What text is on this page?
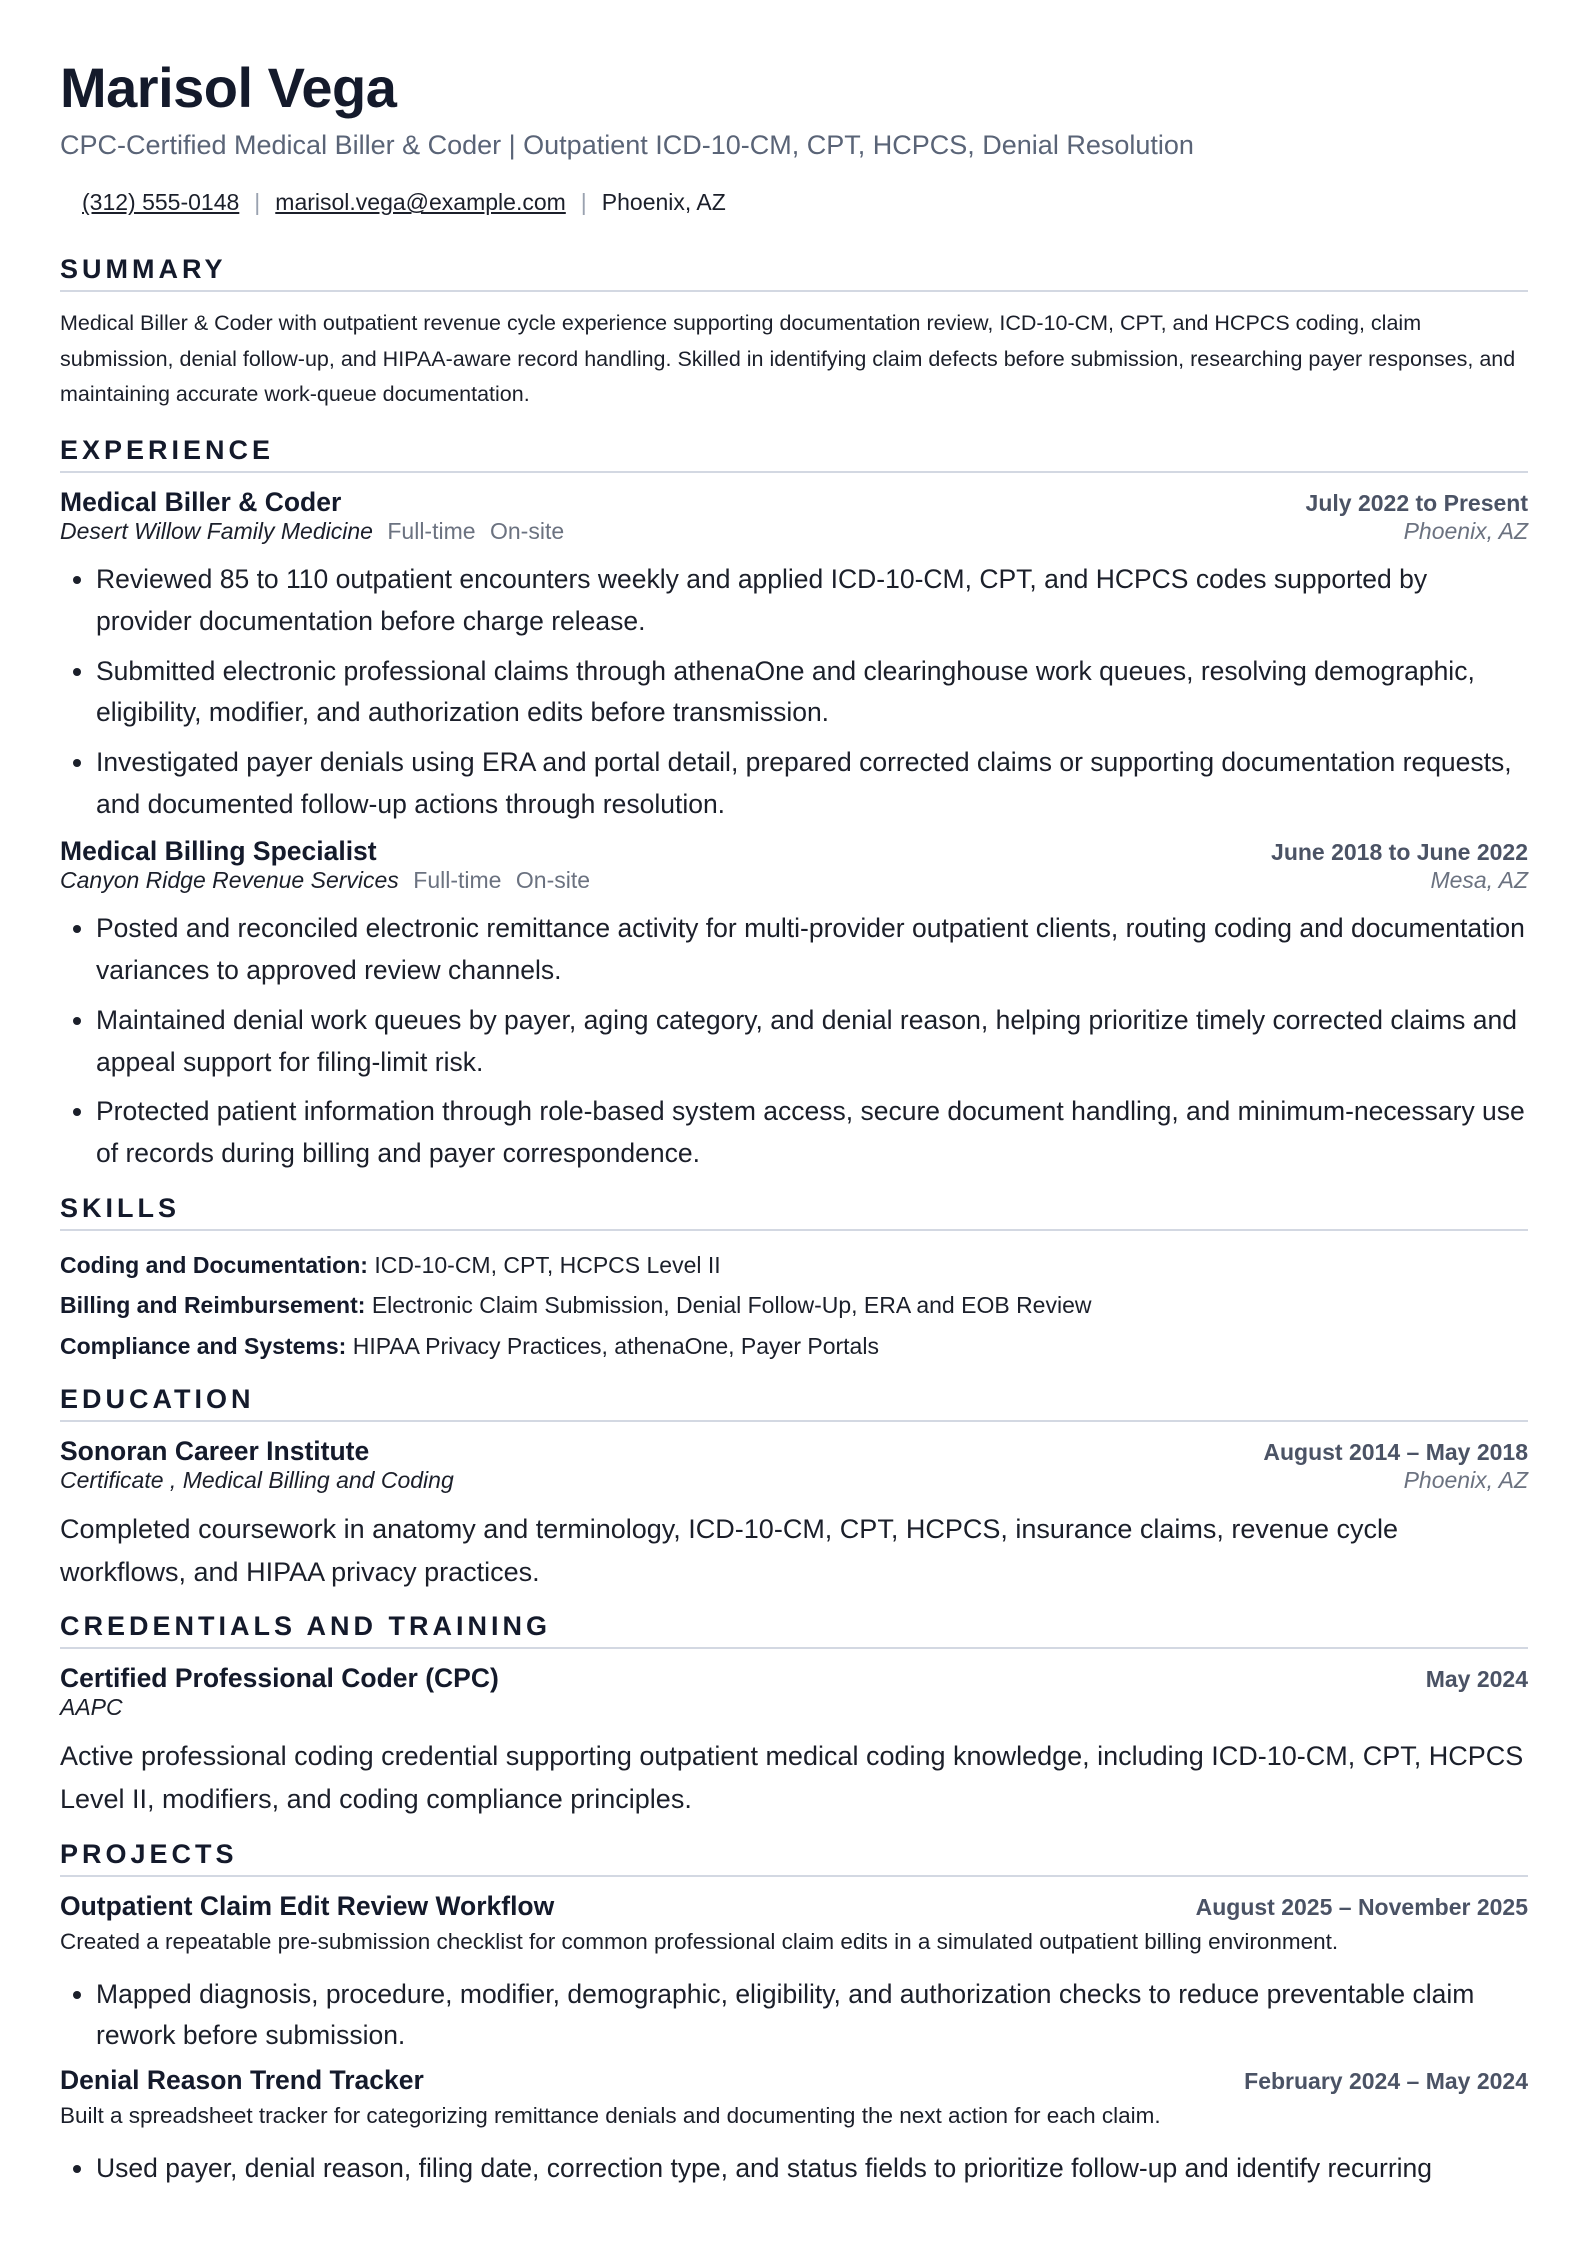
Marisol Vega
CPC-Certified Medical Biller & Coder | Outpatient ICD-10-CM, CPT, HCPCS, Denial Resolution
(312) 555-0148 | marisol.vega@example.com | Phoenix, AZ
SUMMARY

Medical Biller & Coder with outpatient revenue cycle experience supporting documentation review, ICD-10-CM, CPT, and HCPCS coding, claim submission, denial follow-up, and HIPAA-aware record handling. Skilled in identifying claim defects before submission, researching payer responses, and maintaining accurate work-queue documentation.

EXPERIENCE
Medical Biller & Coder	July 2022 to Present
Desert Willow Family Medicine Full-time On-site	Phoenix, AZ
• Reviewed 85 to 110 outpatient encounters weekly and applied ICD-10-CM, CPT, and HCPCS codes supported by provider documentation before charge release.
• Submitted electronic professional claims through athenaOne and clearinghouse work queues, resolving demographic, eligibility, modifier, and authorization edits before transmission.
• Investigated payer denials using ERA and portal detail, prepared corrected claims or supporting documentation requests, and documented follow-up actions through resolution.
Medical Billing Specialist	June 2018 to June 2022
Canyon Ridge Revenue Services Full-time On-site	Mesa, AZ
• Posted and reconciled electronic remittance activity for multi-provider outpatient clients, routing coding and documentation variances to approved review channels.
• Maintained denial work queues by payer, aging category, and denial reason, helping prioritize timely corrected claims and appeal support for filing-limit risk.
• Protected patient information through role-based system access, secure document handling, and minimum-necessary use of records during billing and payer correspondence.
SKILLS
Coding and Documentation: ICD-10-CM, CPT, HCPCS Level II
Billing and Reimbursement: Electronic Claim Submission, Denial Follow-Up, ERA and EOB Review
Compliance and Systems: HIPAA Privacy Practices, athenaOne, Payer Portals
EDUCATION
Sonoran Career Institute	August 2014 – May 2018
Certificate , Medical Billing and Coding	Phoenix, AZ
Completed coursework in anatomy and terminology, ICD-10-CM, CPT, HCPCS, insurance claims, revenue cycle workflows, and HIPAA privacy practices.
CREDENTIALS AND TRAINING
Certified Professional Coder (CPC)	May 2024
AAPC
Active professional coding credential supporting outpatient medical coding knowledge, including ICD-10-CM, CPT, HCPCS Level II, modifiers, and coding compliance principles.
PROJECTS
Outpatient Claim Edit Review Workflow	August 2025 – November 2025
Created a repeatable pre-submission checklist for common professional claim edits in a simulated outpatient billing environment.
• Mapped diagnosis, procedure, modifier, demographic, eligibility, and authorization checks to reduce preventable claim rework before submission.
Denial Reason Trend Tracker	February 2024 – May 2024
Built a spreadsheet tracker for categorizing remittance denials and documenting the next action for each claim.
• Used payer, denial reason, filing date, correction type, and status fields to prioritize follow-up and identify recurring
